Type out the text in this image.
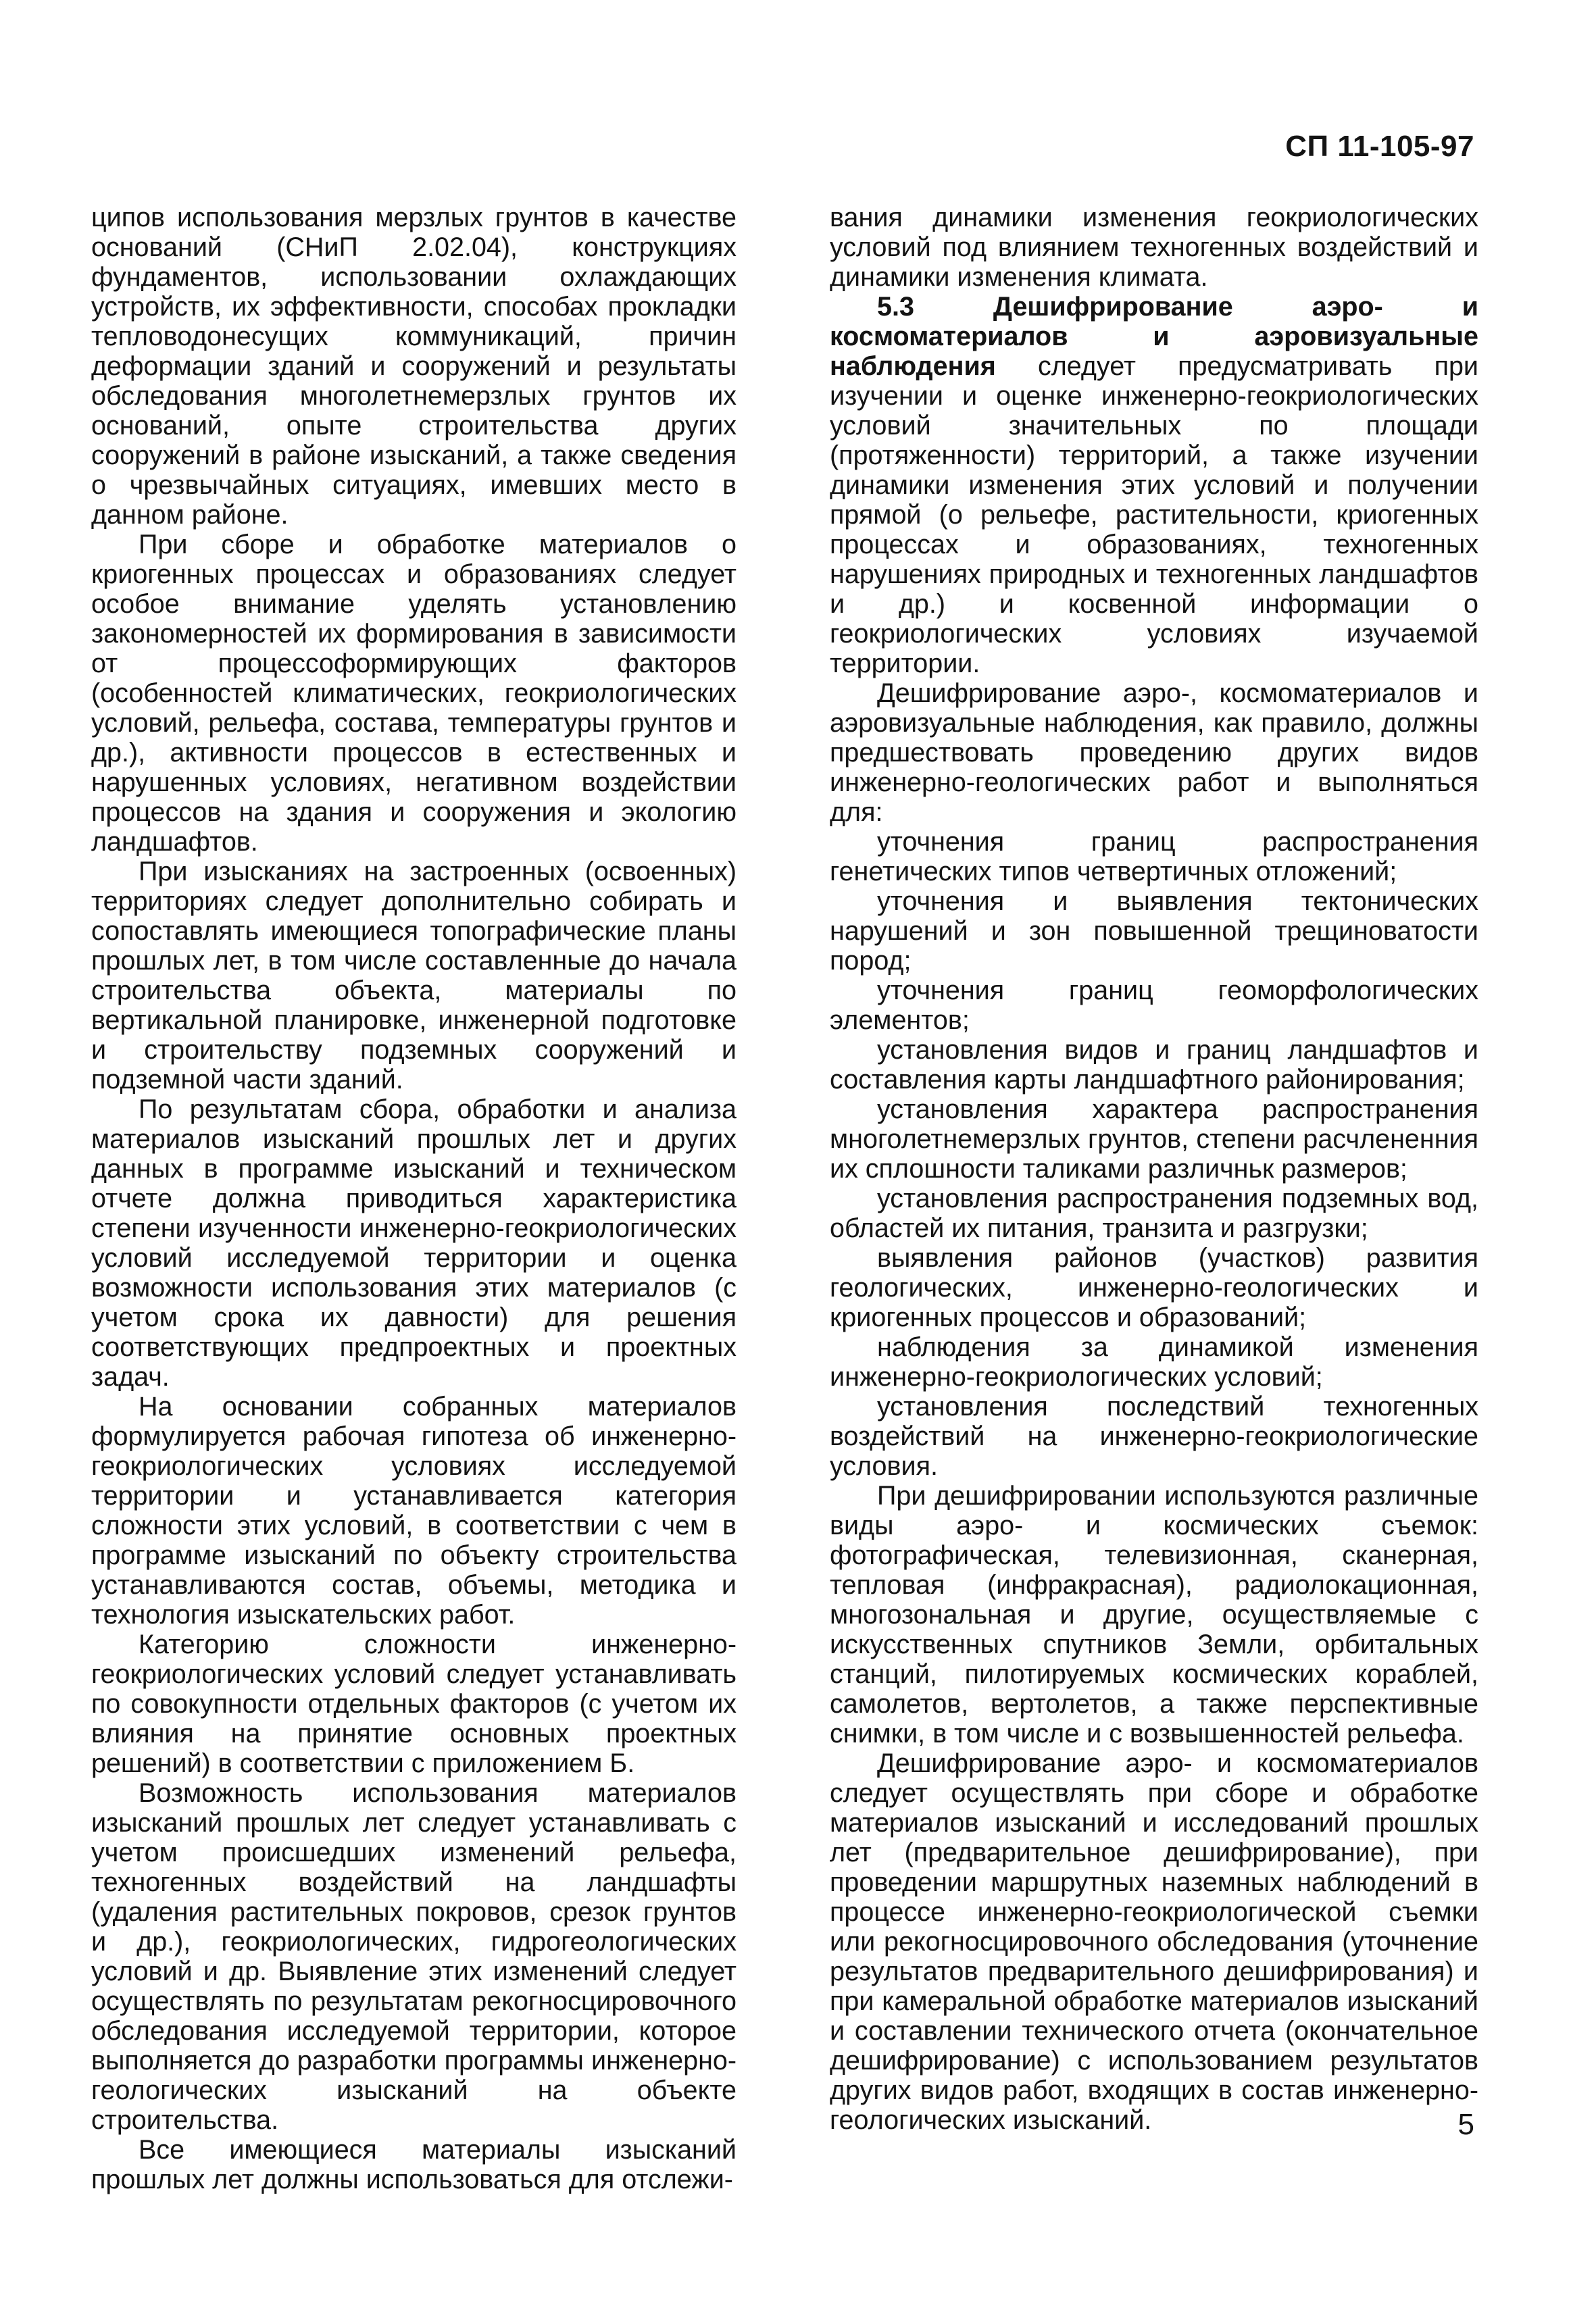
СП 11-105-97

ципов использования мерзлых грунтов в качестве оснований (СНиП 2.02.04), конструкциях фундаментов, использовании охлаждающих устройств, их эффективности, способах прокладки тепловодонесущих коммуникаций, причин деформации зданий и сооружений и результаты обследования многолетнемерзлых грунтов их оснований, опыте строительства других сооружений в районе изысканий, а также сведения о чрезвычайных ситуациях, имевших место в данном районе.

При сборе и обработке материалов о криогенных процессах и образованиях следует особое внимание уделять установлению закономерностей их формирования в зависимости от процессоформирующих факторов (особенностей климатических, геокриологических условий, рельефа, состава, температуры грунтов и др.), активности процессов в естественных и нарушенных условиях, негативном воздействии процессов на здания и сооружения и экологию ландшафтов.

При изысканиях на застроенных (освоенных) территориях следует дополнительно собирать и сопоставлять имеющиеся топографические планы прошлых лет, в том числе составленные до начала строительства объекта, материалы по вертикальной планировке, инженерной подготовке и строительству подземных сооружений и подземной части зданий.

По результатам сбора, обработки и анализа материалов изысканий прошлых лет и других данных в программе изысканий и техническом отчете должна приводиться характеристика степени изученности инженерно-геокриологических условий исследуемой территории и оценка возможности использования этих материалов (с учетом срока их давности) для решения соответствующих предпроектных и проектных задач.

На основании собранных материалов формулируется рабочая гипотеза об инженерно-геокриологических условиях исследуемой территории и устанавливается категория сложности этих условий, в соответствии с чем в программе изысканий по объекту строительства устанавливаются состав, объемы, методика и технология изыскательских работ.

Категорию сложности инженерно-геокриологических условий следует устанавливать по совокупности отдельных факторов (с учетом их влияния на принятие основных проектных решений) в соответствии с приложением Б.

Возможность использования материалов изысканий прошлых лет следует устанавливать с учетом происшедших изменений рельефа, техногенных воздействий на ландшафты (удаления растительных покровов, срезок грунтов и др.), геокриологических, гидрогеологических условий и др. Выявление этих изменений следует осуществлять по результатам рекогносцировочного обследования исследуемой территории, которое выполняется до разработки программы инженерно-геологических изысканий на объекте строительства.

Все имеющиеся материалы изысканий прошлых лет должны использоваться для отслежи-

вания динамики изменения геокриологических условий под влиянием техногенных воздействий и динамики изменения климата.

5.3 Дешифрирование аэро- и космоматериалов и аэровизуальные наблюдения следует предусматривать при изучении и оценке инженерно-геокриологических условий значительных по площади (протяженности) территорий, а также изучении динамики изменения этих условий и получении прямой (о рельефе, растительности, криогенных процессах и образованиях, техногенных нарушениях природных и техногенных ландшафтов и др.) и косвенной информации о геокриологических условиях изучаемой территории.

Дешифрирование аэро-, космоматериалов и аэровизуальные наблюдения, как правило, должны предшествовать проведению других видов инженерно-геологических работ и выполняться для:

уточнения границ распространения генетических типов четвертичных отложений;

уточнения и выявления тектонических нарушений и зон повышенной трещиноватости пород;

уточнения границ геоморфологических элементов;

установления видов и границ ландшафтов и составления карты ландшафтного районирования;

установления характера распространения многолетнемерзлых грунтов, степени расчлененния их сплошности таликами различньк размеров;

установления распространения подземных вод, областей их питания, транзита и разгрузки;

выявления районов (участков) развития геологических, инженерно-геологических и криогенных процессов и образований;

наблюдения за динамикой изменения инженерно-геокриологических условий;

установления последствий техногенных воздействий на инженерно-геокриологические условия.

При дешифрировании используются различные виды аэро- и космических съемок: фотографическая, телевизионная, сканерная, тепловая (инфракрасная), радиолокационная, многозональная и другие, осуществляемые с искусственных спутников Земли, орбитальных станций, пилотируемых космических кораблей, самолетов, вертолетов, а также перспективные снимки, в том числе и с возвышенностей рельефа.

Дешифрирование аэро- и космоматериалов следует осуществлять при сборе и обработке материалов изысканий и исследований прошлых лет (предварительное дешифрирование), при проведении маршрутных наземных наблюдений в процессе инженерно-геокриологической съемки или рекогносцировочного обследования (уточнение результатов предварительного дешифрирования) и при камеральной обработке материалов изысканий и составлении технического отчета (окончательное дешифрирование) с использованием результатов других видов работ, входящих в состав инженерно-геологических изысканий.	5
